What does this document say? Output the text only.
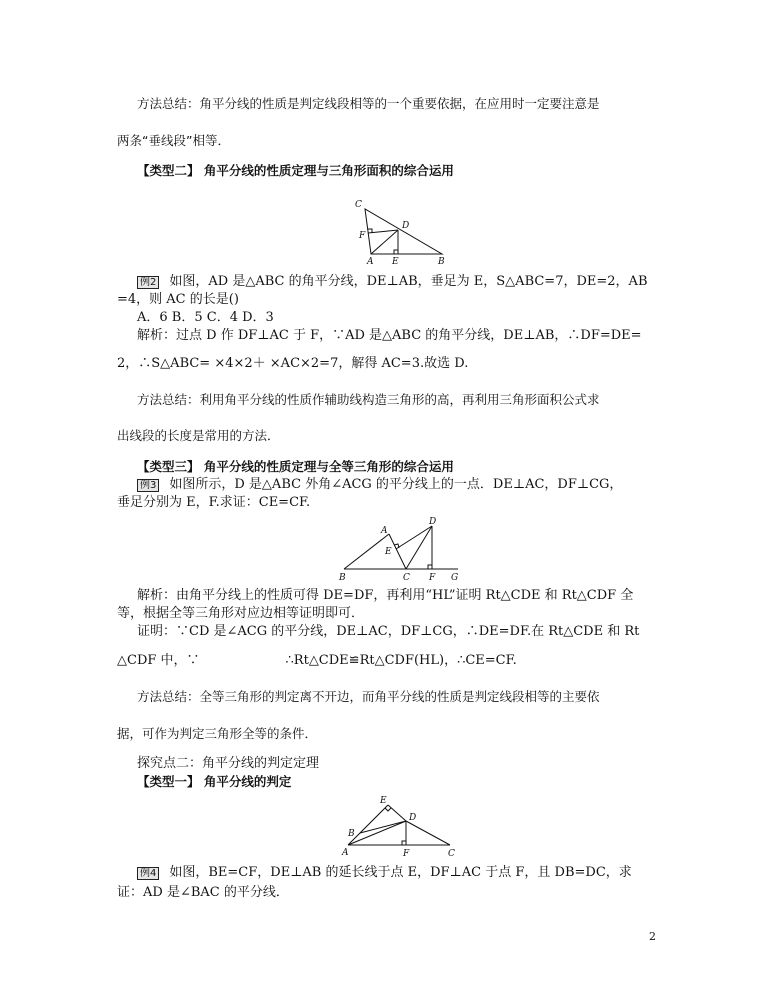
方法总结：角平分线的性质是判定线段相等的一个重要依据，在应用时一定要注意是
两条“垂线段”相等．
【类型二】 角平分线的性质定理与三角形面积的综合运用
C
D
F
A E	B
例2 如图，AD 是△ABC 的角平分线，DE⊥AB，垂足为 E，S△ABC=7，DE=2，AB
=4，则 AC 的长是()
A．6 B．5 C．4 D．3
解析：过点 D 作 DF⊥AC 于 F，∵AD 是△ABC 的角平分线，DE⊥AB，∴DF=DE=
2，∴S△ABC= ×4×2＋ ×AC×2=7，解得 AC=3.故选 D.
方法总结：利用角平分线的性质作辅助线构造三角形的高，再利用三角形面积公式求
出线段的长度是常用的方法．
【类型三】 角平分线的性质定理与全等三角形的综合运用
例3 如图所示，D 是△ABC 外角∠ACG 的平分线上的一点．DE⊥AC，DF⊥CG，
垂足分别为 E，F.求证：CE=CF.
D
A
E
B	C F G
解析：由角平分线上的性质可得 DE=DF，再利用“HL”证明 Rt△CDE 和 Rt△CDF 全
等，根据全等三角形对应边相等证明即可．
证明：∵CD 是∠ACG 的平分线，DE⊥AC，DF⊥CG，∴DE=DF.在 Rt△CDE 和 Rt
△CDF 中，∵	∴Rt△CDE≌Rt△CDF(HL)，∴CE=CF.
方法总结：全等三角形的判定离不开边，而角平分线的性质是判定线段相等的主要依
据，可作为判定三角形全等的条件．
探究点二：角平分线的判定定理
【类型一】 角平分线的判定
E
D
B
A	F	C
例4 如图，BE=CF，DE⊥AB 的延长线于点 E，DF⊥AC 于点 F，且 DB=DC，求
证：AD 是∠BAC 的平分线．
2
